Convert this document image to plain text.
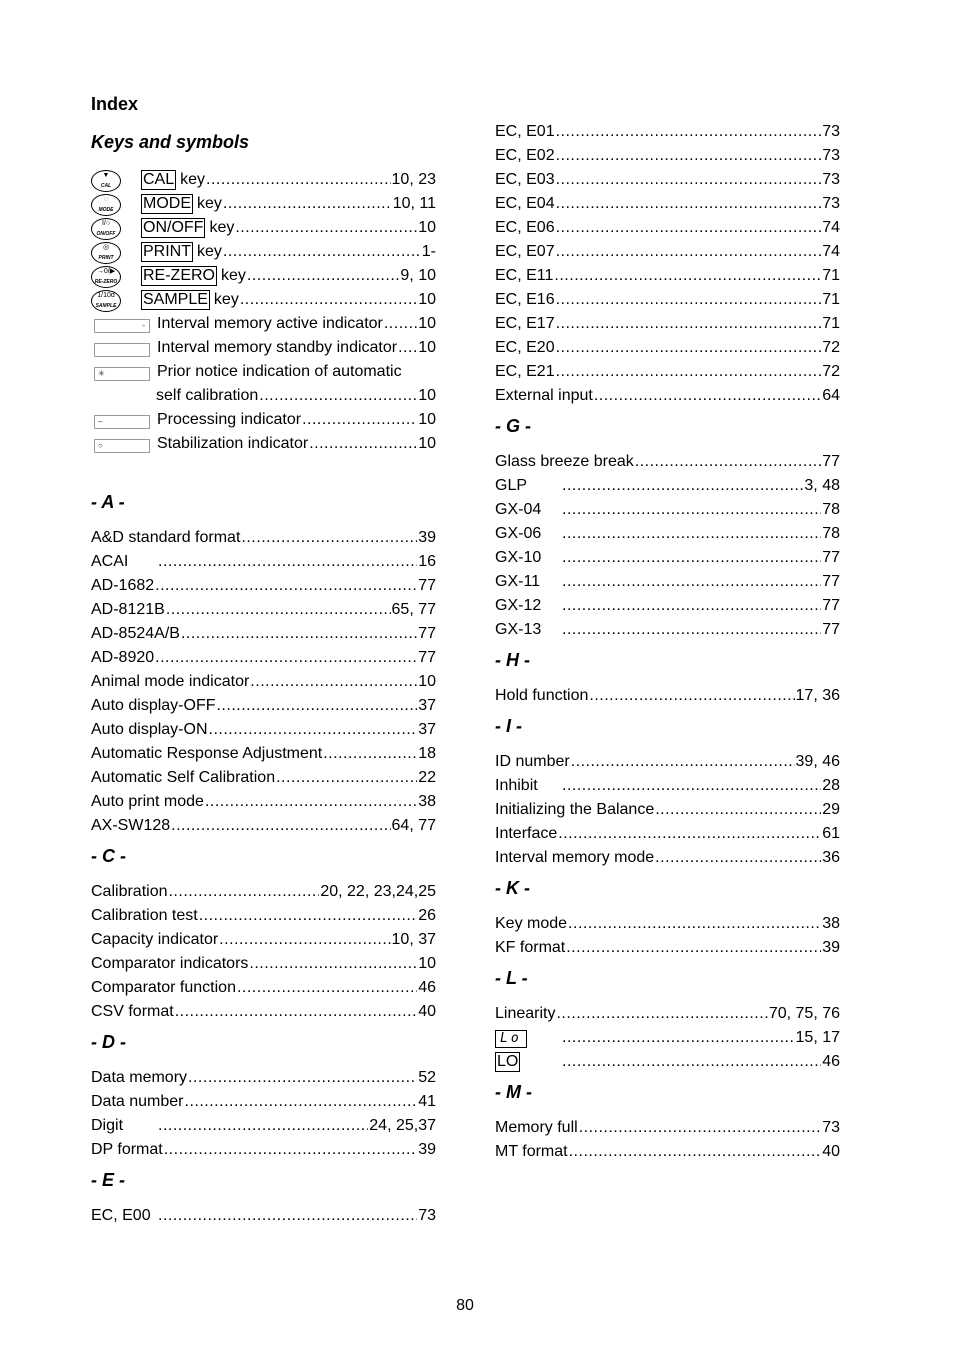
Index
Keys and symbols
▼
CAL	CAL key .....	10, 23
◌
MODE	MODE key .....	10, 11
I/○
ON/OFF ON/OFF key .....	10
◎
PRINT	PRINT key .....	1-
→0/▶
RE-ZERO RE-ZERO key .....	9, 10
1/10d
SAMPLE SAMPLE key .....	10
◦ Interval memory active indicator ..... 10
Interval memory standby indicator ..... 10
✳	Prior notice indication of automatic
self calibration .....	10
–	Processing indicator .....	10
○	Stabilization indicator .....	10
- A -
A&D standard format .....	39
ACAI .....	16
AD-1682 .....	77
AD-8121B .....	65, 77
AD-8524A/B .....	77
AD-8920 .....	77
Animal mode indicator .....	10
Auto display-OFF .....	37
Auto display-ON .....	37
Automatic Response Adjustment .....	18
Automatic Self Calibration .....	22
Auto print mode .....	38
AX-SW128 .....	64, 77
- C -
Calibration .....	20, 22, 23,24,25
Calibration test .....	26
Capacity indicator .....	10, 37
Comparator indicators .....	10
Comparator function .....	46
CSV format .....	40
- D -
Data memory .....	52
Data number .....	41
Digit .....	24, 25,37
DP format .....	39
- E -
EC, E00 .....	73
EC, E01 .....	73
EC, E02 .....	73
EC, E03 .....	73
EC, E04 .....	73
EC, E06 .....	74
EC, E07 .....	74
EC, E11 .....	71
EC, E16 .....	71
EC, E17 .....	71
EC, E20 .....	72
EC, E21 .....	72
External input .....	64
- G -
Glass breeze break .....	77
GLP .....	3, 48
GX-04 .....	78
GX-06 .....	78
GX-10 .....	77
GX-11 .....	77
GX-12 .....	77
GX-13 .....	77
- H -
Hold function .....	17, 36
- I -
ID number .....	39, 46
Inhibit .....	28
Initializing the Balance .....	29
Interface .....	61
Interval memory mode .....	36
- K -
Key mode .....	38
KF format .....	39
- L -
Linearity .....	70, 75, 76
Lo .....	15, 17
LO .....	46
- M -
Memory full .....	73
MT format .....	40
80
